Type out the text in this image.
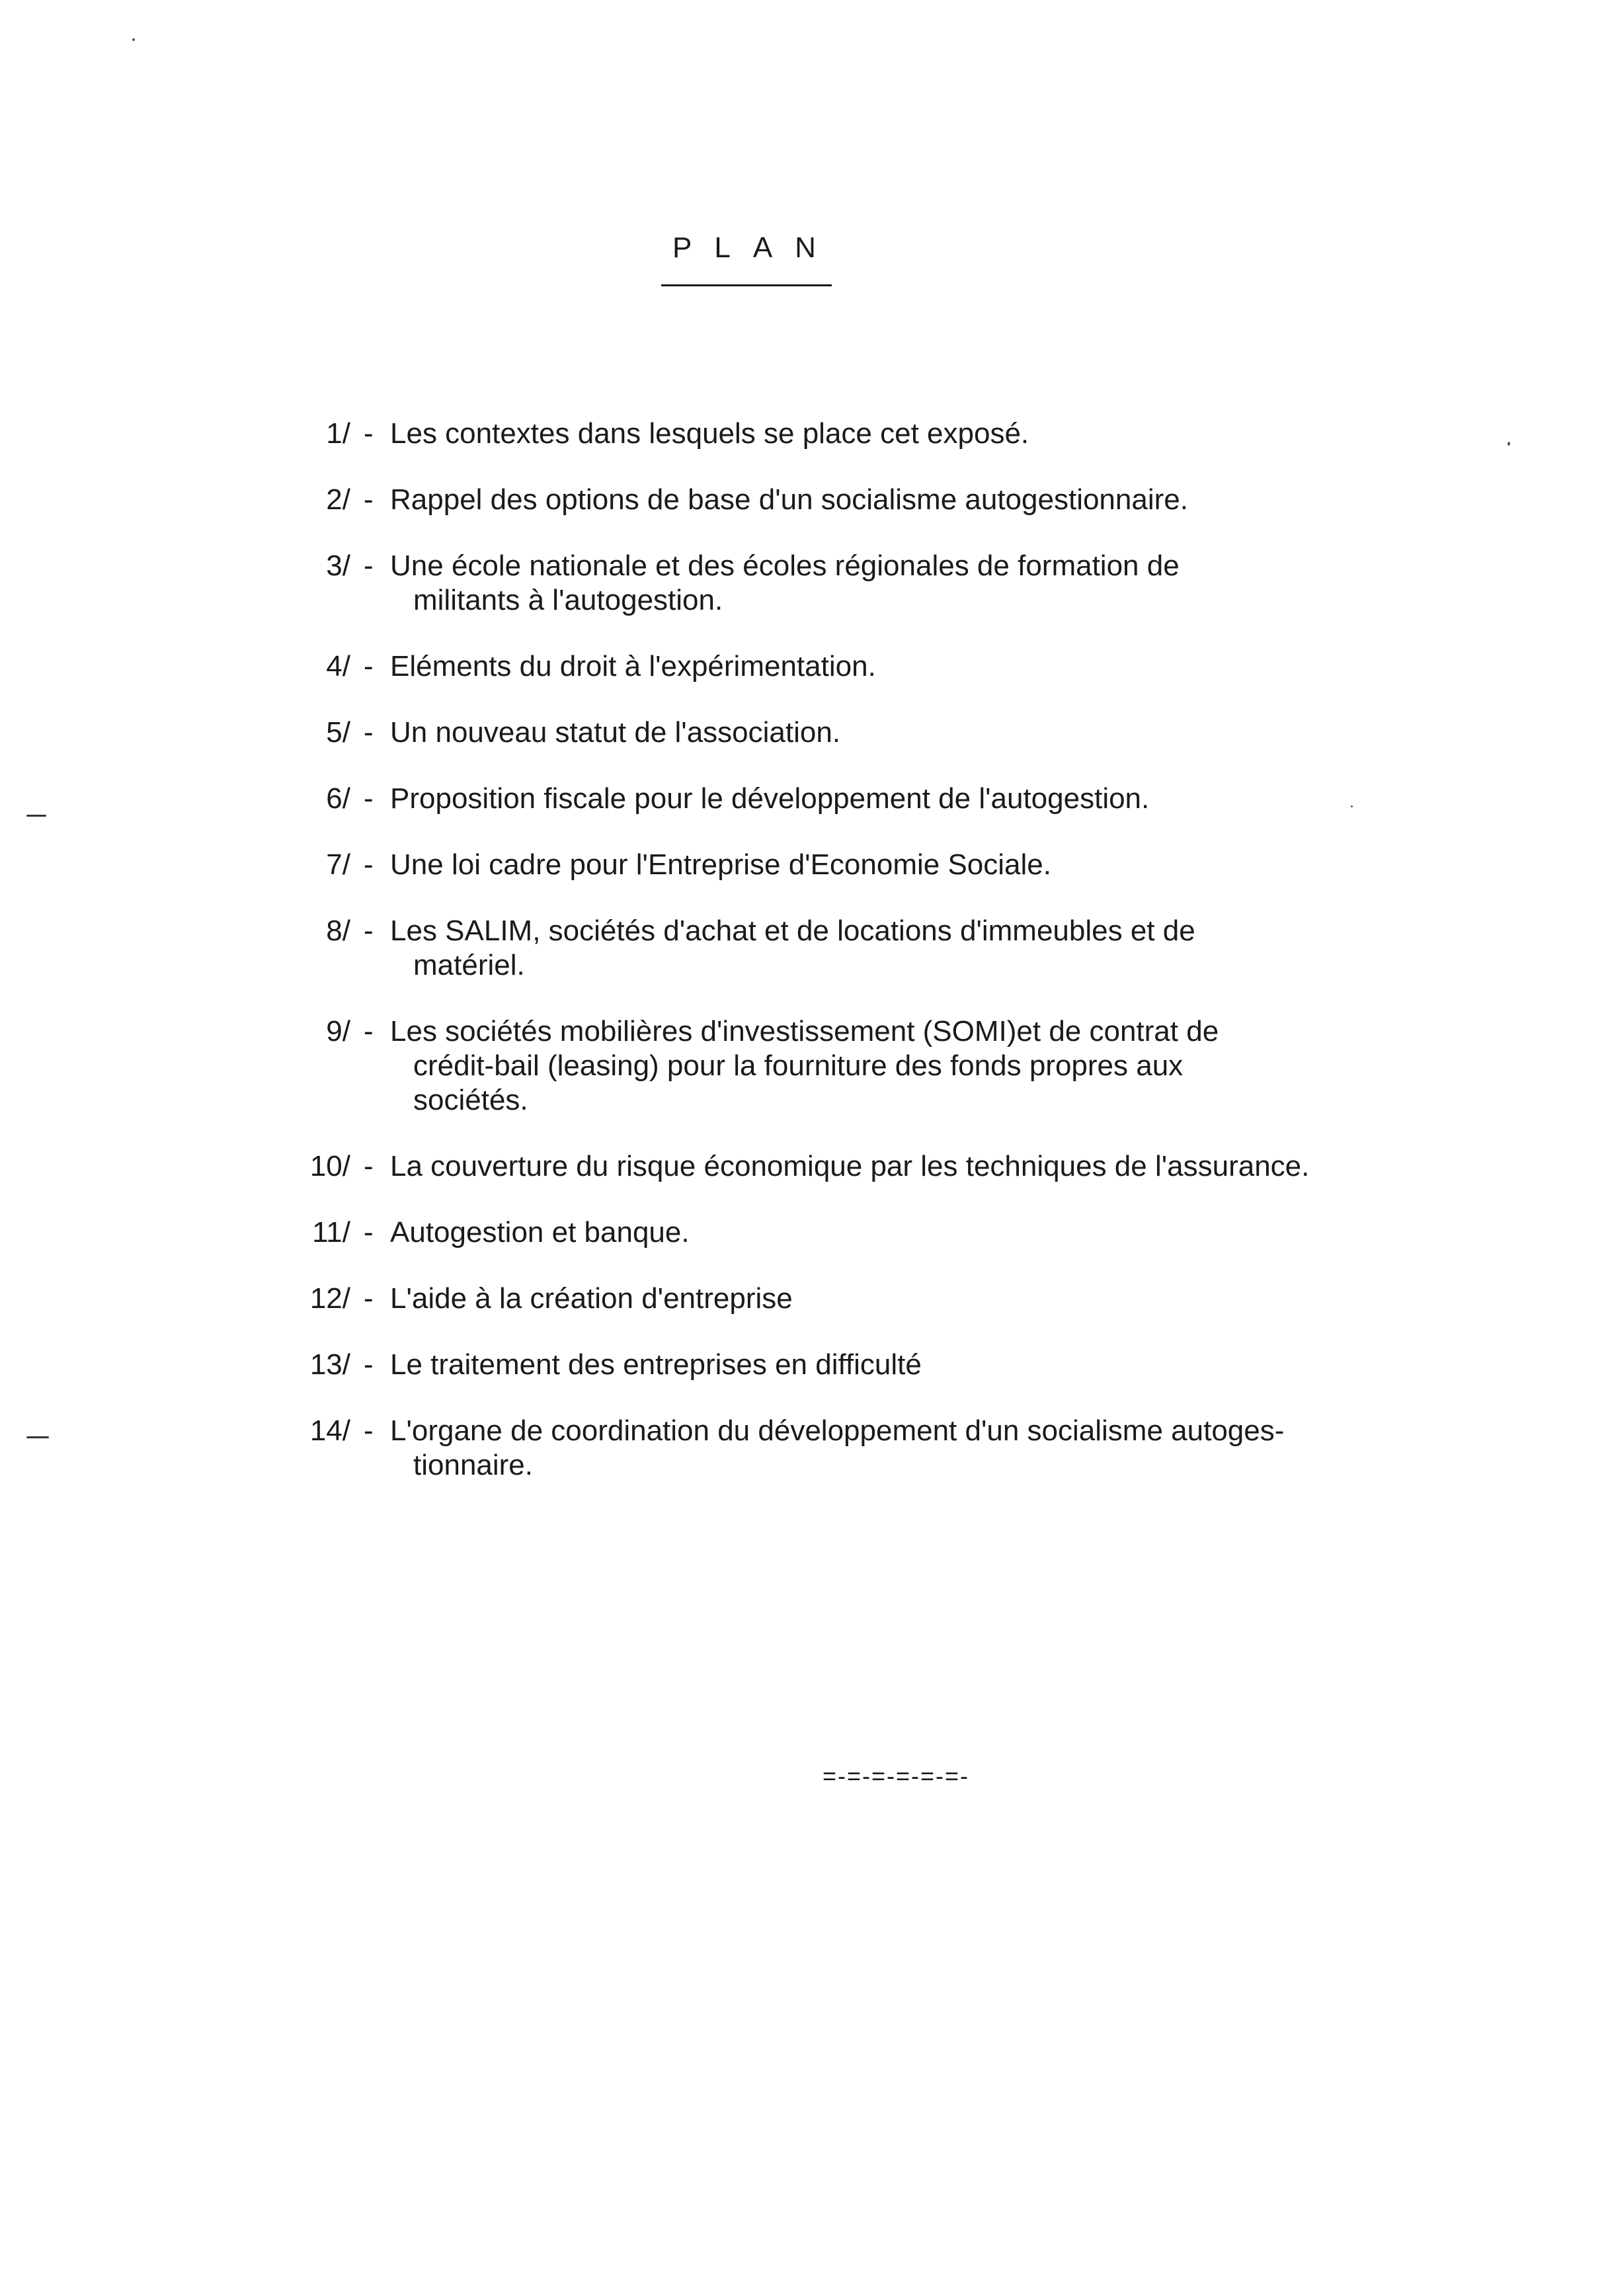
PLAN
1/ - Les contextes dans lesquels se place cet exposé.
2/ - Rappel des options de base d'un socialisme autogestionnaire.
3/ - Une école nationale et des écoles régionales de formation de
militants à l'autogestion.
4/ - Eléments du droit à l'expérimentation.
5/ - Un nouveau statut de l'association.
6/ - Proposition fiscale pour le développement de l'autogestion.
7/ - Une loi cadre pour l'Entreprise d'Economie Sociale.
8/ - Les SALIM, sociétés d'achat et de locations d'immeubles et de
matériel.
9/ - Les sociétés mobilières d'investissement (SOMI)et de contrat de
crédit-bail (leasing) pour la fourniture des fonds propres aux
sociétés.
10/ - La couverture du risque économique par les techniques de l'assurance.
11/ - Autogestion et banque.
12/ - L'aide à la création d'entreprise
13/ - Le traitement des entreprises en difficulté
14/ - L'organe de coordination du développement d'un socialisme autoges-
tionnaire.
=-=-=-=-=-=-
